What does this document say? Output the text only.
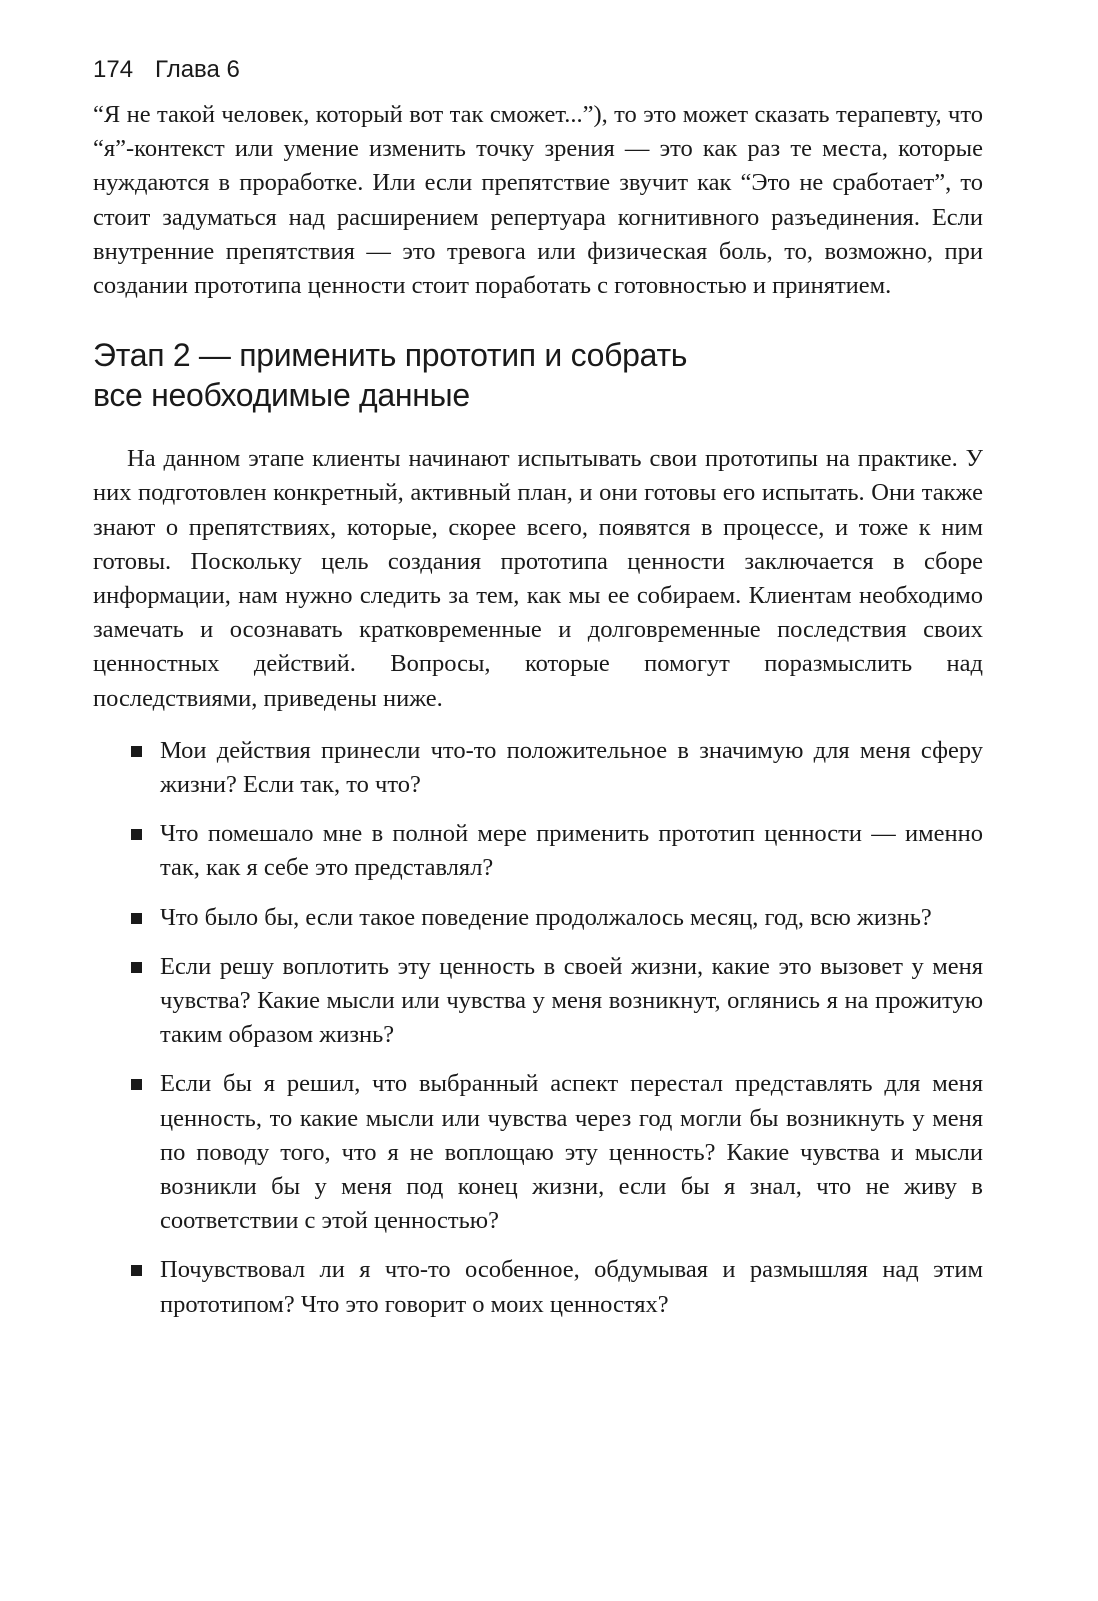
174 Глава 6

“Я не такой человек, который вот так сможет...”), то это может сказать терапевту, что “я”-контекст или умение изменить точку зрения — это как раз те места, которые нуждаются в проработке. Или если препятствие звучит как “Это не сработает”, то стоит задуматься над расширением репертуара когнитивного разъединения. Если внутренние препятствия — это тревога или физическая боль, то, возможно, при создании прототипа ценности стоит поработать с готовностью и принятием.

Этап 2 — применить прототип и собрать
все необходимые данные

На данном этапе клиенты начинают испытывать свои прототипы на практике. У них подготовлен конкретный, активный план, и они готовы его испытать. Они также знают о препятствиях, которые, скорее всего, появятся в процессе, и тоже к ним готовы. Поскольку цель создания прототипа ценности заключается в сборе информации, нам нужно следить за тем, как мы ее собираем. Клиентам необходимо замечать и осознавать кратковременные и долговременные последствия своих ценностных действий. Вопросы, которые помогут поразмыслить над последствиями, приведены ниже.

Мои действия принесли что-то положительное в значимую для меня сферу жизни? Если так, то что?
Что помешало мне в полной мере применить прототип ценности — именно так, как я себе это представлял?
Что было бы, если такое поведение продолжалось месяц, год, всю жизнь?
Если решу воплотить эту ценность в своей жизни, какие это вызовет у меня чувства? Какие мысли или чувства у меня возникнут, оглянись я на прожитую таким образом жизнь?
Если бы я решил, что выбранный аспект перестал представлять для меня ценность, то какие мысли или чувства через год могли бы возникнуть у меня по поводу того, что я не воплощаю эту ценность? Какие чувства и мысли возникли бы у меня под конец жизни, если бы я знал, что не живу в соответствии с этой ценностью?
Почувствовал ли я что-то особенное, обдумывая и размышляя над этим прототипом? Что это говорит о моих ценностях?
